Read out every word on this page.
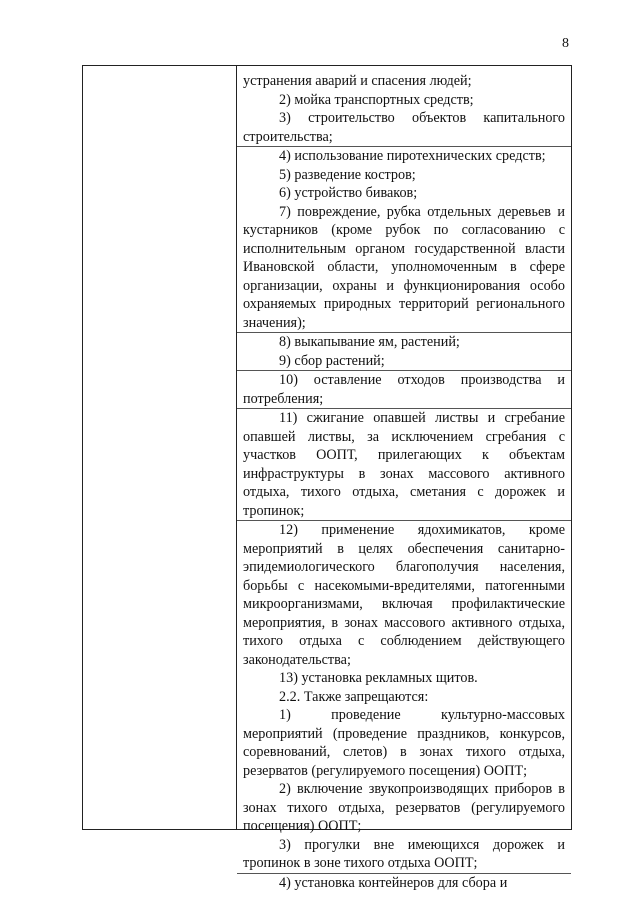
8

устранения аварий и спасения людей;

2) мойка транспортных средств;

3) строительство объектов капитального строительства;

4) использование пиротехнических средств;

5) разведение костров;

6) устройство биваков;

7) повреждение, рубка отдельных деревьев и кустарников (кроме рубок по согласованию с исполнительным органом государственной власти Ивановской области, уполномоченным в сфере организации, охраны и функционирования особо охраняемых природных территорий регионального значения);

8) выкапывание ям, растений;

9) сбор растений;

10) оставление отходов производства и потребления;

11) сжигание опавшей листвы и сгребание опавшей листвы, за исключением сгребания с участков ООПТ, прилегающих к объектам инфраструктуры в зонах массового активного отдыха, тихого отдыха, сметания с дорожек и тропинок;

12) применение ядохимикатов, кроме мероприятий в целях обеспечения санитарно-эпидемиологического благополучия населения, борьбы с насекомыми-вредителями, патогенными микроорганизмами, включая профилактические мероприятия, в зонах массового активного отдыха, тихого отдыха с соблюдением действующего законодательства;

13) установка рекламных щитов.

2.2. Также запрещаются:

1) проведение культурно-массовых мероприятий (проведение праздников, конкурсов, соревнований, слетов) в зонах тихого отдыха, резерватов (регулируемого посещения) ООПТ;

2) включение звукопроизводящих приборов в зонах тихого отдыха, резерватов (регулируемого посещения) ООПТ;

3) прогулки вне имеющихся дорожек и тропинок в зоне тихого отдыха ООПТ;

4) установка контейнеров для сбора и
